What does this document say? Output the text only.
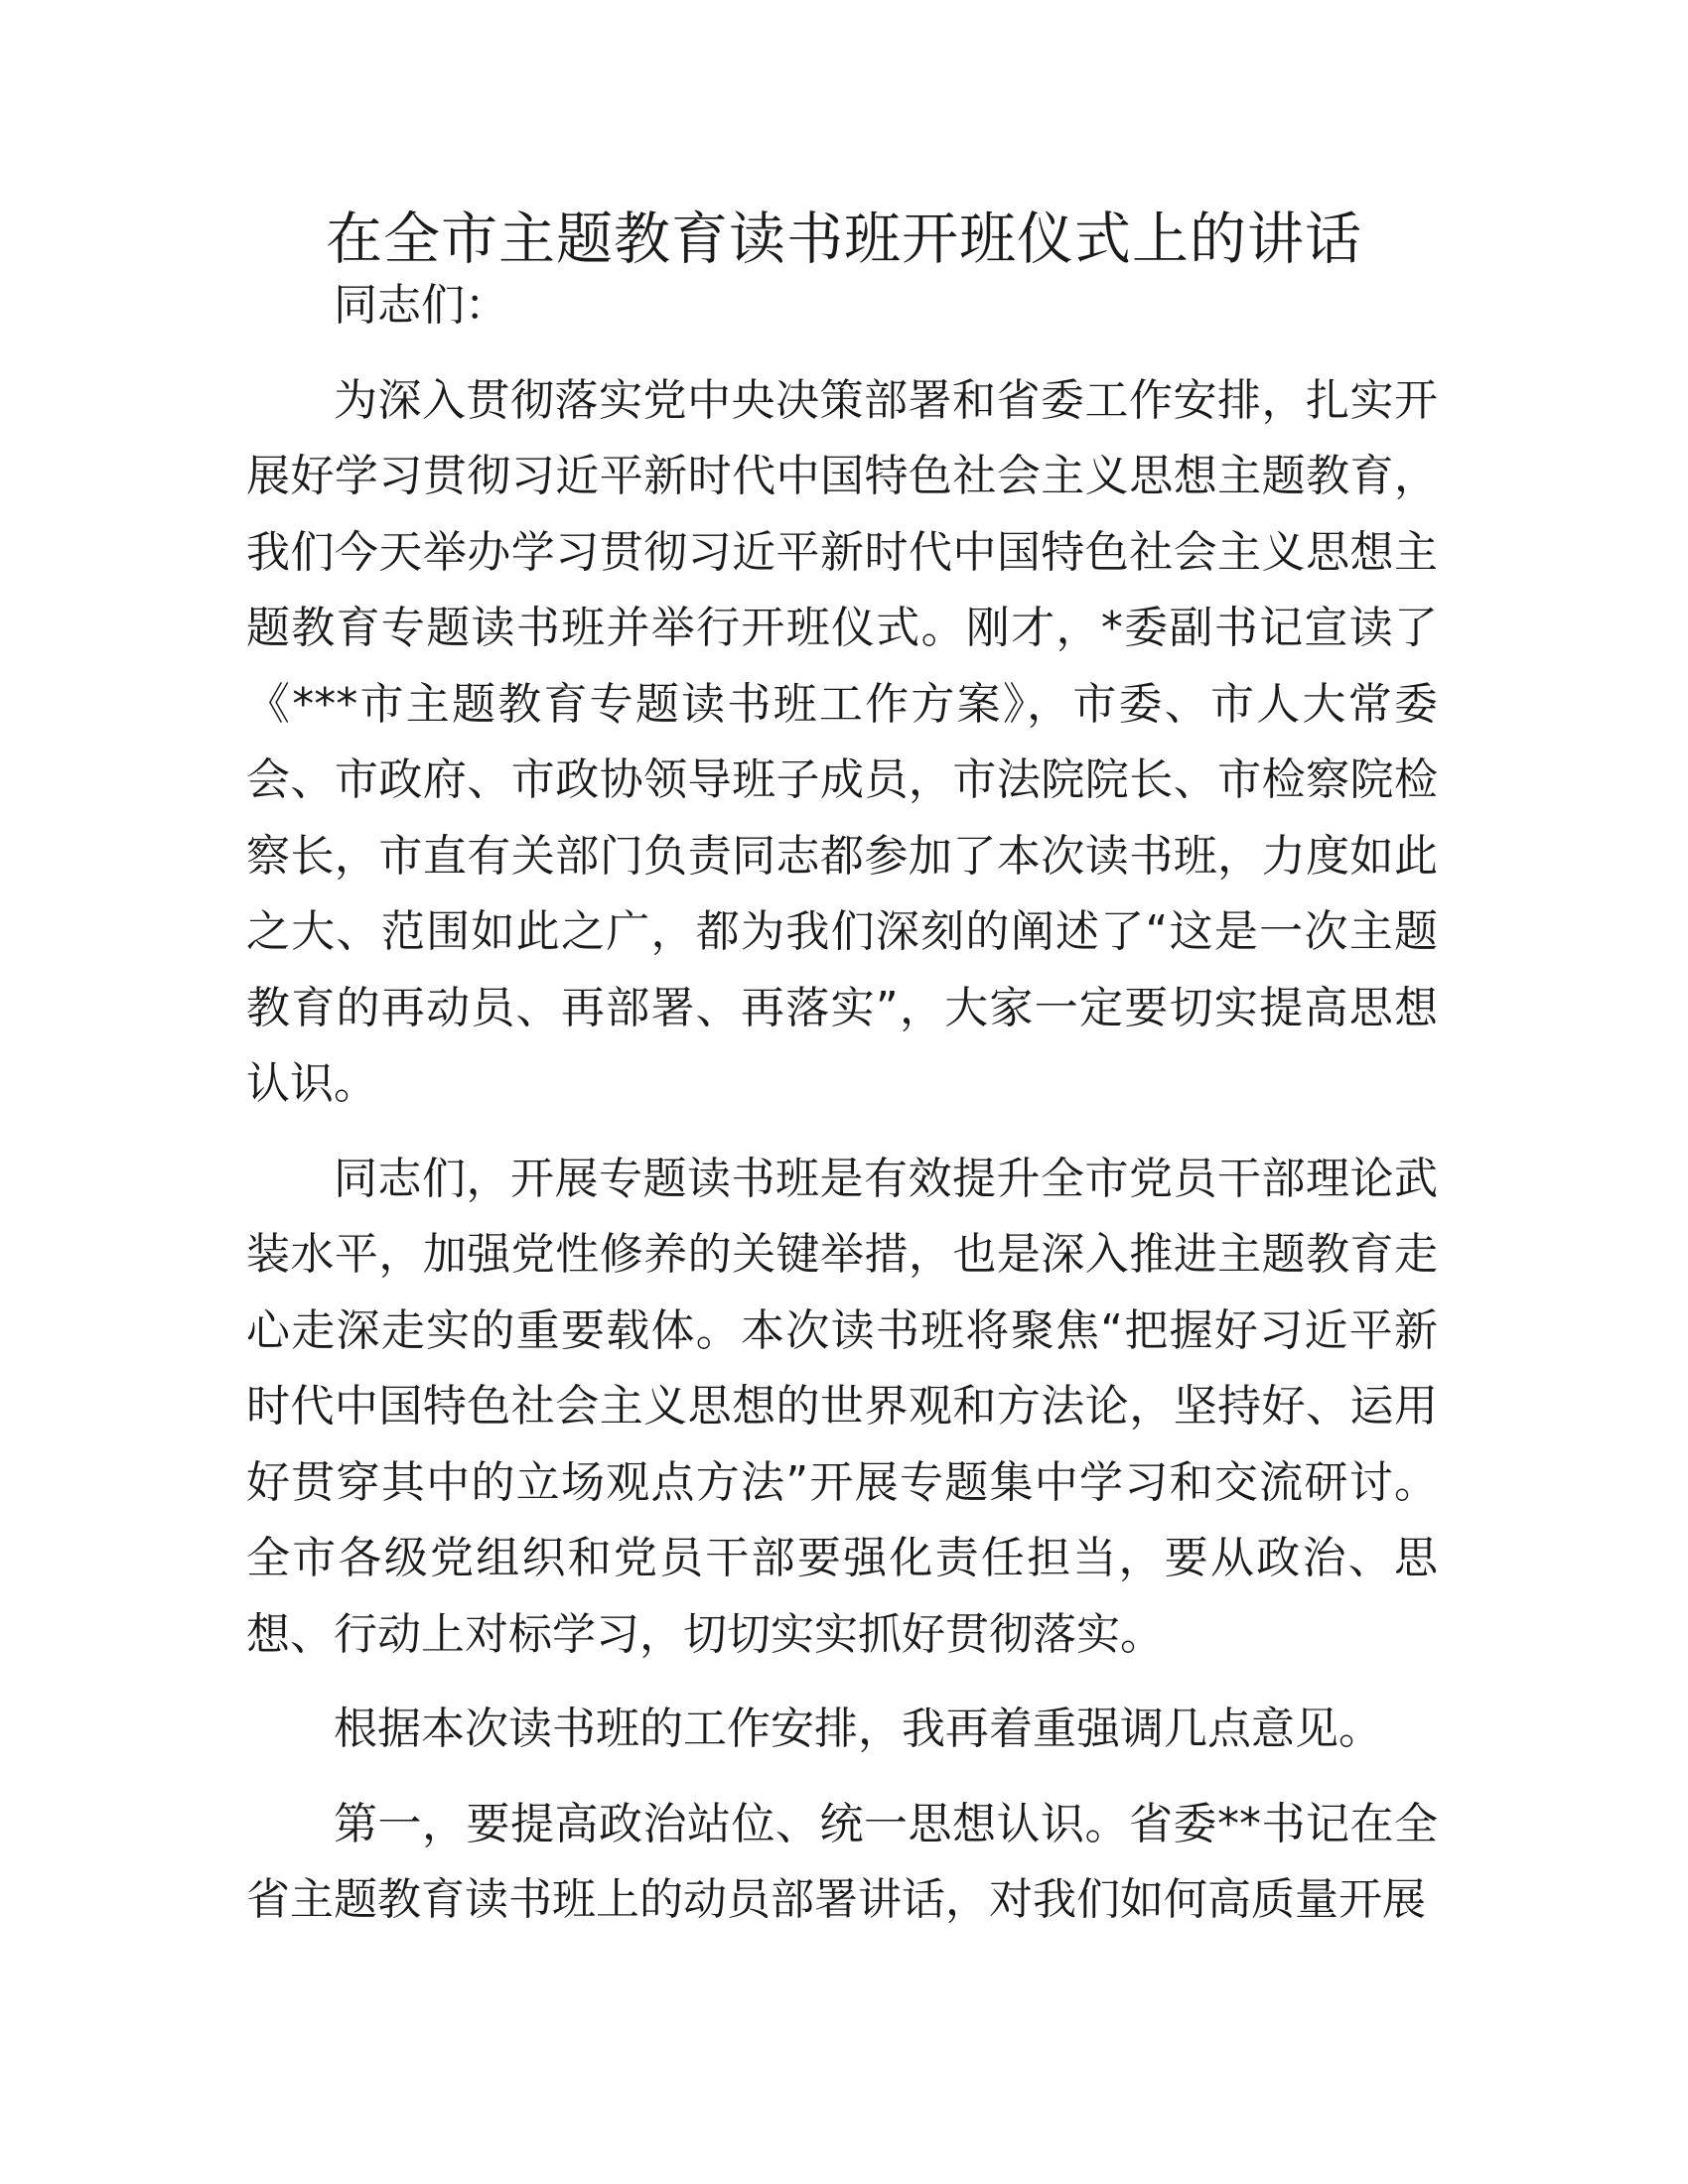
在全市主题教育读书班开班仪式上的讲话

同志们：

为深入贯彻落实党中央决策部署和省委工作安排，扎实开展好学习贯彻习近平新时代中国特色社会主义思想主题教育，我们今天举办学习贯彻习近平新时代中国特色社会主义思想主题教育专题读书班并举行开班仪式。刚才，*委副书记宣读了《***市主题教育专题读书班工作方案》，市委、市人大常委会、市政府、市政协领导班子成员，市法院院长、市检察院检察长，市直有关部门负责同志都参加了本次读书班，力度如此之大、范围如此之广，都为我们深刻的阐述了“这是一次主题教育的再动员、再部署、再落实”，大家一定要切实提高思想认识。

同志们，开展专题读书班是有效提升全市党员干部理论武装水平，加强党性修养的关键举措，也是深入推进主题教育走心走深走实的重要载体。本次读书班将聚焦“把握好习近平新时代中国特色社会主义思想的世界观和方法论，坚持好、运用好贯穿其中的立场观点方法”开展专题集中学习和交流研讨。全市各级党组织和党员干部要强化责任担当，要从政治、思想、行动上对标学习，切切实实抓好贯彻落实。

根据本次读书班的工作安排，我再着重强调几点意见。

第一，要提高政治站位、统一思想认识。省委**书记在全省主题教育读书班上的动员部署讲话，对我们如何高质量开展
